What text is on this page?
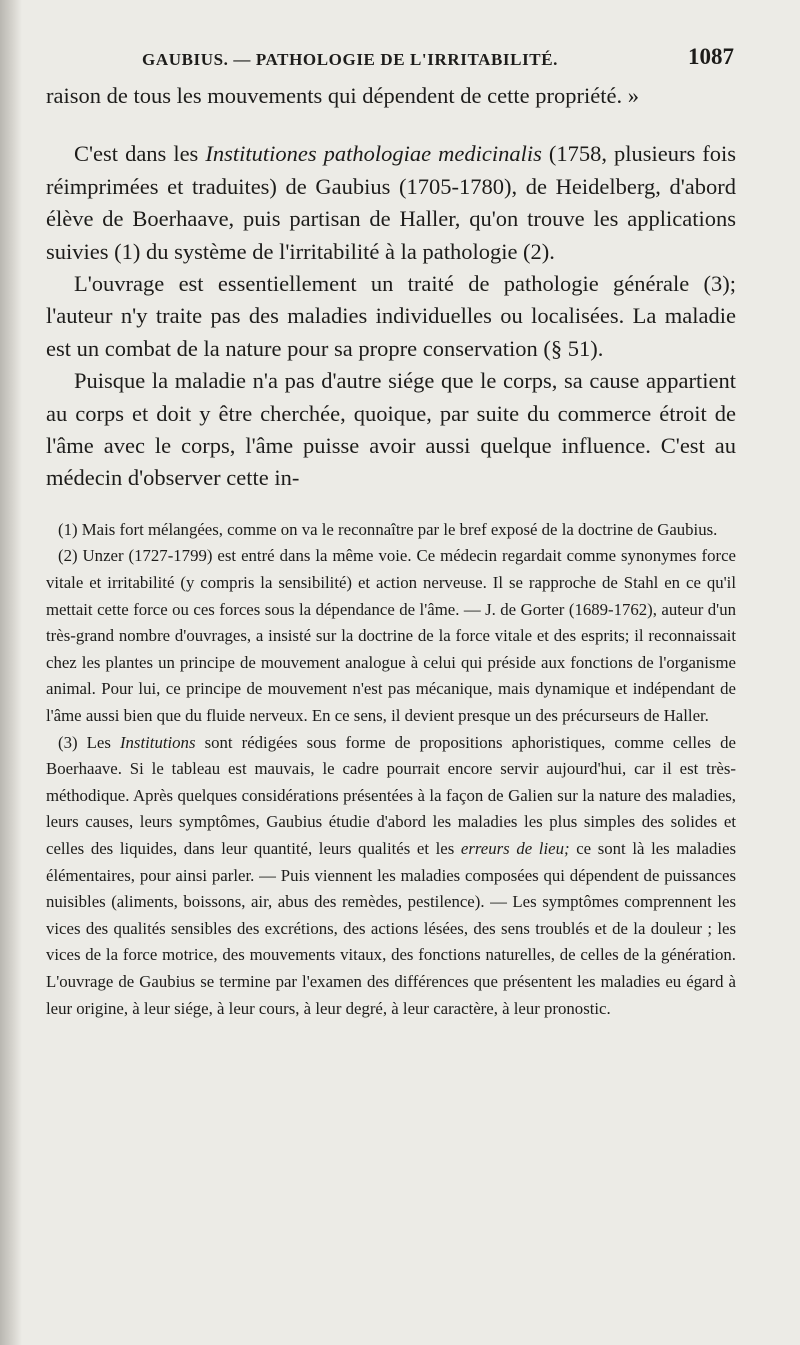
GAUBIUS. — PATHOLOGIE DE L'IRRITABILITÉ.	1087

raison de tous les mouvements qui dépendent de cette propriété. »

C'est dans les Institutiones pathologiae medicinalis (1758, plusieurs fois réimprimées et traduites) de Gaubius (1705-1780), de Heidelberg, d'abord élève de Boerhaave, puis partisan de Haller, qu'on trouve les applications suivies (1) du système de l'irritabilité à la pathologie (2).

L'ouvrage est essentiellement un traité de pathologie générale (3); l'auteur n'y traite pas des maladies individuelles ou localisées. La maladie est un combat de la nature pour sa propre conservation (§ 51).

Puisque la maladie n'a pas d'autre siége que le corps, sa cause appartient au corps et doit y être cherchée, quoique, par suite du commerce étroit de l'âme avec le corps, l'âme puisse avoir aussi quelque influence. C'est au médecin d'observer cette in-

(1) Mais fort mélangées, comme on va le reconnaître par le bref exposé de la doctrine de Gaubius.

(2) Unzer (1727-1799) est entré dans la même voie. Ce médecin regardait comme synonymes force vitale et irritabilité (y compris la sensibilité) et action nerveuse. Il se rapproche de Stahl en ce qu'il mettait cette force ou ces forces sous la dépendance de l'âme. — J. de Gorter (1689-1762), auteur d'un très-grand nombre d'ouvrages, a insisté sur la doctrine de la force vitale et des esprits; il reconnaissait chez les plantes un principe de mouvement analogue à celui qui préside aux fonctions de l'organisme animal. Pour lui, ce principe de mouvement n'est pas mécanique, mais dynamique et indépendant de l'âme aussi bien que du fluide nerveux. En ce sens, il devient presque un des précurseurs de Haller.

(3) Les Institutions sont rédigées sous forme de propositions aphoristiques, comme celles de Boerhaave. Si le tableau est mauvais, le cadre pourrait encore servir aujourd'hui, car il est très-méthodique. Après quelques considérations présentées à la façon de Galien sur la nature des maladies, leurs causes, leurs symptômes, Gaubius étudie d'abord les maladies les plus simples des solides et celles des liquides, dans leur quantité, leurs qualités et les erreurs de lieu; ce sont là les maladies élémentaires, pour ainsi parler. — Puis viennent les maladies composées qui dépendent de puissances nuisibles (aliments, boissons, air, abus des remèdes, pestilence). — Les symptômes comprennent les vices des qualités sensibles des excrétions, des actions lésées, des sens troublés et de la douleur ; les vices de la force motrice, des mouvements vitaux, des fonctions naturelles, de celles de la génération. L'ouvrage de Gaubius se termine par l'examen des différences que présentent les maladies eu égard à leur origine, à leur siége, à leur cours, à leur degré, à leur caractère, à leur pronostic.
